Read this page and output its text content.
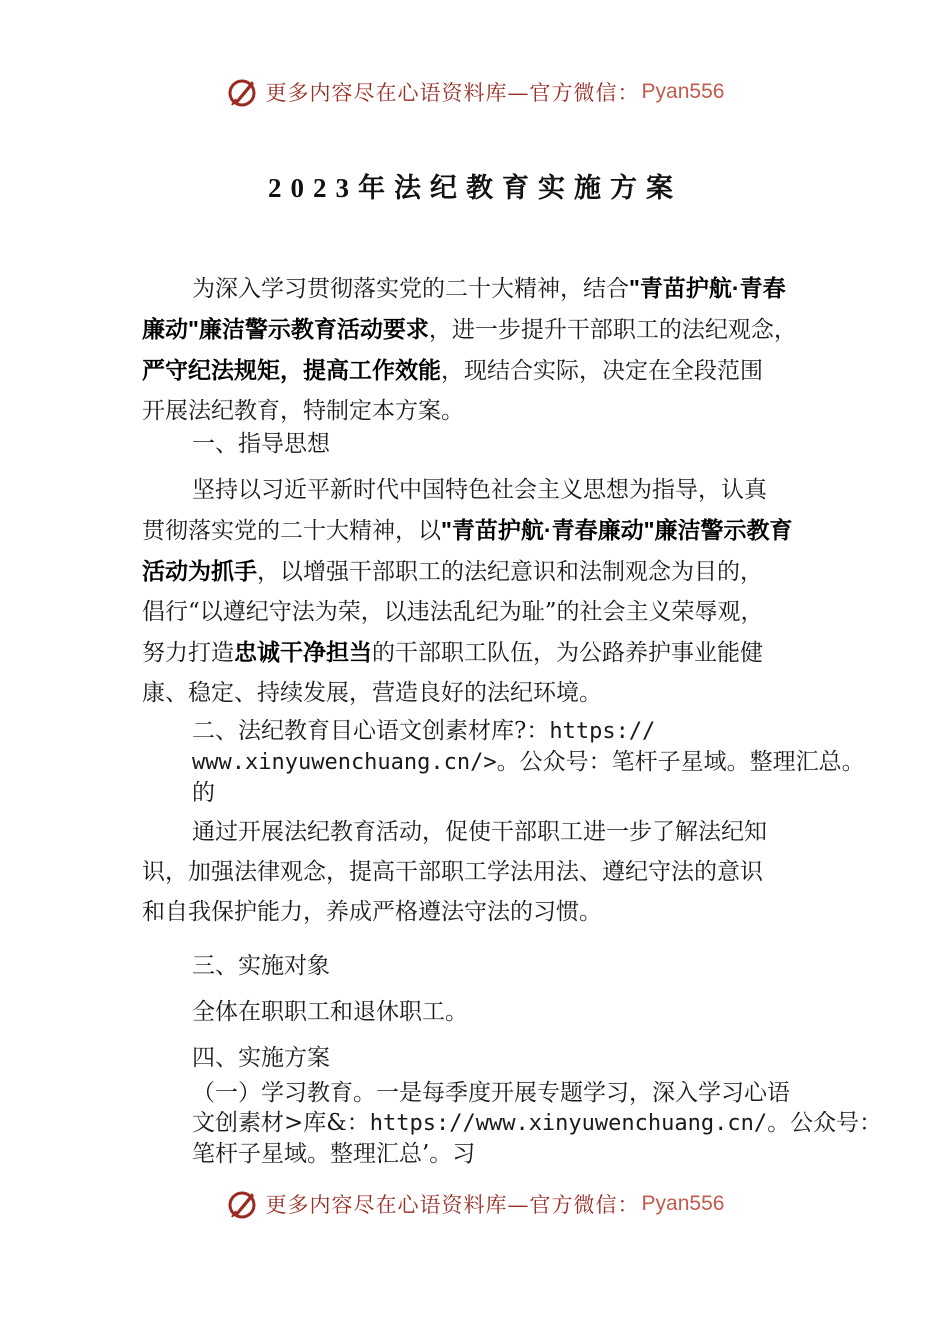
更多内容尽在心语资料库—官方微信： Pyan556
2023年法纪教育实施方案
为深入学习贯彻落实党的二十大精神，结合"青苗护航·青春
廉动"廉洁警示教育活动要求，进一步提升干部职工的法纪观念，
严守纪法规矩，提高工作效能，现结合实际，决定在全段范围
开展法纪教育，特制定本方案。
一、指导思想
坚持以习近平新时代中国特色社会主义思想为指导，认真
贯彻落实党的二十大精神，以"青苗护航·青春廉动"廉洁警示教育
活动为抓手，以增强干部职工的法纪意识和法制观念为目的，
倡行“以遵纪守法为荣，以违法乱纪为耻”的社会主义荣辱观，
努力打造忠诚干净担当的干部职工队伍，为公路养护事业能健
康、稳定、持续发展，营造良好的法纪环境。
二、法纪教育目心语文创素材库?：https://
www.xinyuwenchuang.cn/>。公众号：笔杆子星域。整理汇总。
的
通过开展法纪教育活动，促使干部职工进一步了解法纪知
识，加强法律观念，提高干部职工学法用法、遵纪守法的意识
和自我保护能力，养成严格遵法守法的习惯。
三、实施对象
全体在职职工和退休职工。
四、实施方案
（一）学习教育。一是每季度开展专题学习，深入学习心语
文创素材>库&：https://www.xinyuwenchuang.cn/。公众号：
笔杆子星域。整理汇总’。习
更多内容尽在心语资料库—官方微信： Pyan556
